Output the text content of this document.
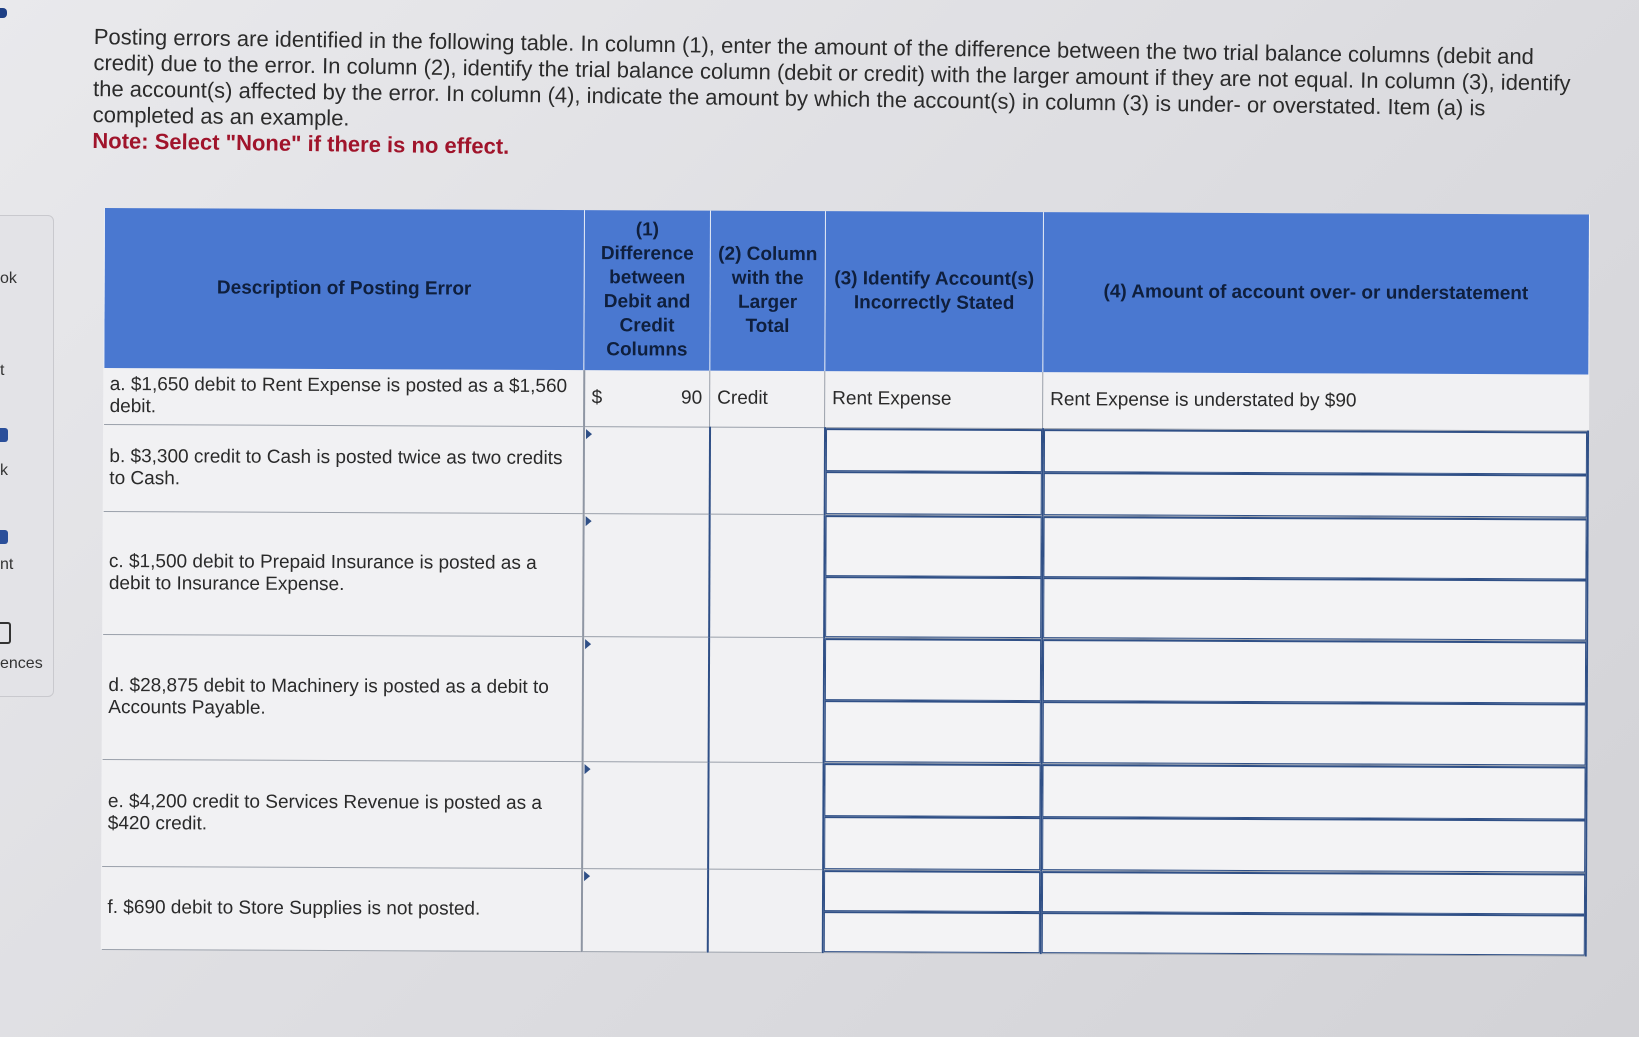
ok
t
k
nt
ences

Posting errors are identified in the following table. In column (1), enter the amount of the difference between the two trial balance columns (debit and credit) due to the error. In column (2), identify the trial balance column (debit or credit) with the larger amount if they are not equal. In column (3), identify the account(s) affected by the error. In column (4), indicate the amount by which the account(s) in column (3) is under- or overstated. Item (a) is completed as an example.

Note: Select "None" if there is no effect.

Description of Posting Error	(1) Difference between Debit and Credit Columns	(2) Column with the Larger Total	(3) Identify Account(s) Incorrectly Stated	(4) Amount of account over- or understatement
a. $1,650 debit to Rent Expense is posted as a $1,560 debit.	$ 90	Credit	Rent Expense	Rent Expense is understated by $90
b. $3,300 credit to Cash is posted twice as two credits to Cash.	

c. $1,500 debit to Prepaid Insurance is posted as a debit to Insurance Expense.	

d. $28,875 debit to Machinery is posted as a debit to Accounts Payable.	

e. $4,200 credit to Services Revenue is posted as a $420 credit.	

f. $690 debit to Store Supplies is not posted.	
